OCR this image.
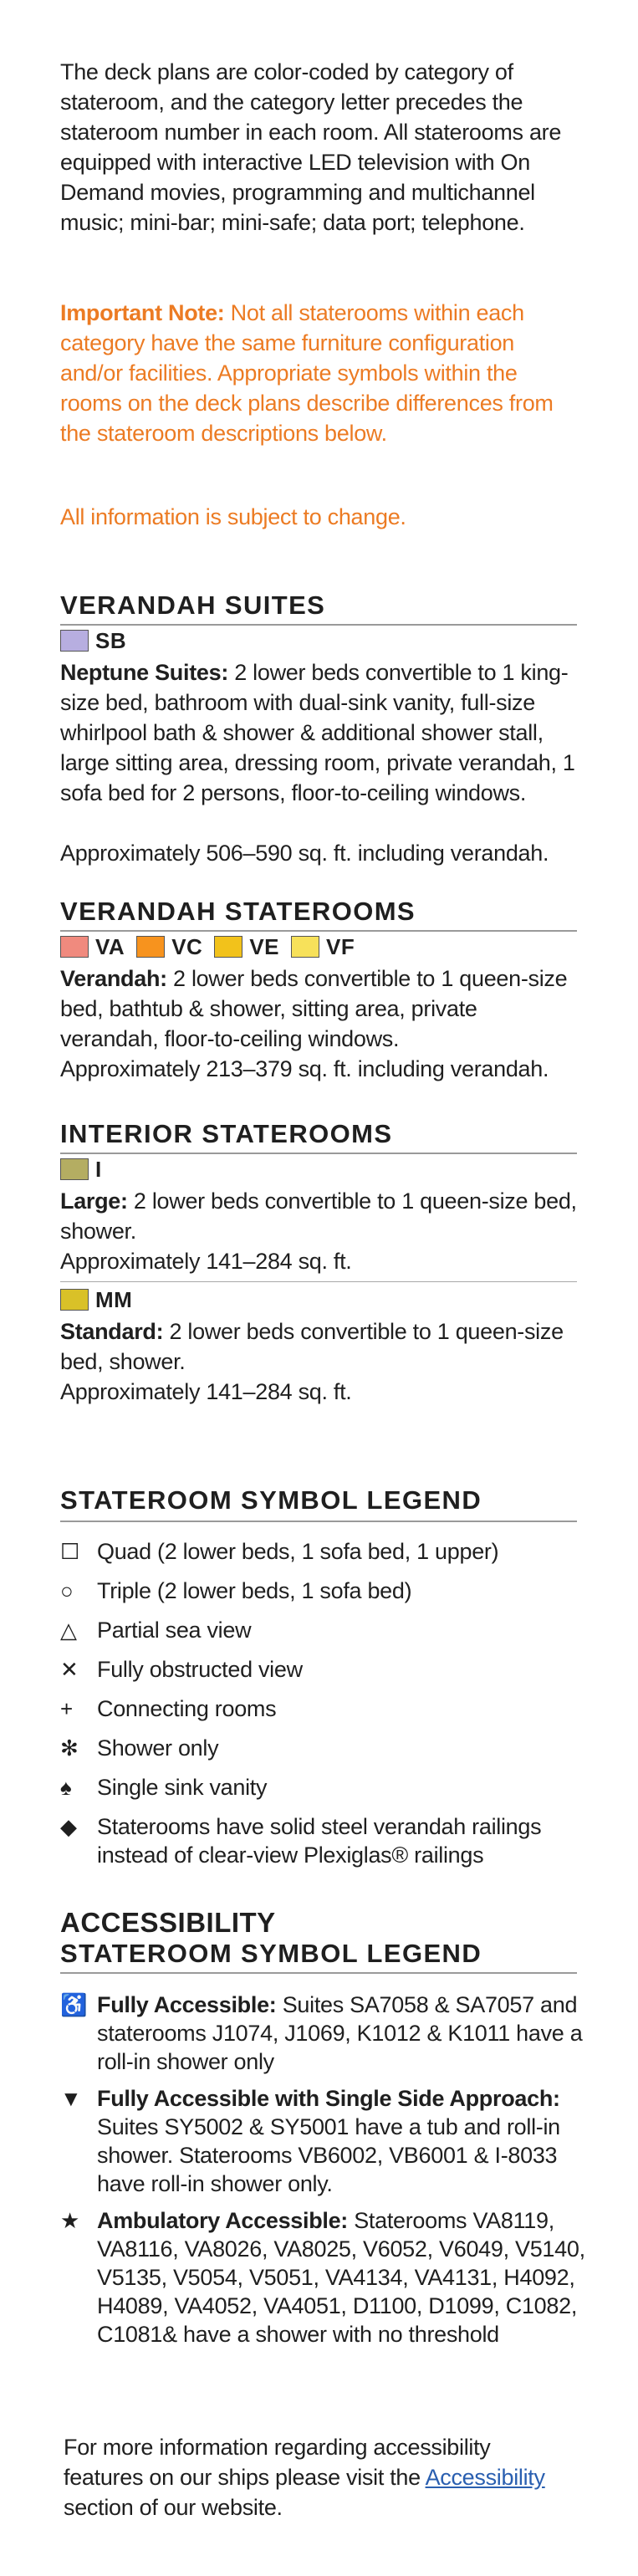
The deck plans are color-coded by category of stateroom, and the category letter precedes the stateroom number in each room. All staterooms are equipped with interactive LED television with On Demand movies, programming and multichannel music; mini-bar; mini-safe; data port; telephone.

Important Note: Not all staterooms within each category have the same furniture configuration and/or facilities. Appropriate symbols within the rooms on the deck plans describe differences from the stateroom descriptions below.

All information is subject to change.

VERANDAH SUITES
SB

Neptune Suites: 2 lower beds convertible to 1 king-size bed, bathroom with dual-sink vanity, full-size whirlpool bath & shower & additional shower stall, large sitting area, dressing room, private verandah, 1 sofa bed for 2 persons, floor-to-ceiling windows.

Approximately 506–590 sq. ft. including verandah.

VERANDAH STATEROOMS
VA VC VE VF

Verandah: 2 lower beds convertible to 1 queen-size bed, bathtub & shower, sitting area, private verandah, floor-to-ceiling windows.

Approximately 213–379 sq. ft. including verandah.

INTERIOR STATEROOMS
I

Large: 2 lower beds convertible to 1 queen-size bed, shower.

Approximately 141–284 sq. ft.

MM

Standard: 2 lower beds convertible to 1 queen-size bed, shower.

Approximately 141–284 sq. ft.

STATEROOM SYMBOL LEGEND
☐ Quad (2 lower beds, 1 sofa bed, 1 upper)
○	Triple (2 lower beds, 1 sofa bed)
△ Partial sea view
✕ Fully obstructed view
+	Connecting rooms
✻ Shower only
♠	Single sink vanity
◆ Staterooms have solid steel verandah railings instead of clear-view Plexiglas® railings
ACCESSIBILITY
STATEROOM SYMBOL LEGEND
♿ Fully Accessible: Suites SA7058 & SA7057 and staterooms J1074, J1069, K1012 & K1011 have a roll-in shower only
▼ Fully Accessible with Single Side Approach: Suites SY5002 & SY5001 have a tub and roll-in shower. Staterooms VB6002, VB6001 & I-8033 have roll-in shower only.
★ Ambulatory Accessible: Staterooms VA8119, VA8116, VA8026, VA8025, V6052, V6049, V5140, V5135, V5054, V5051, VA4134, VA4131, H4092, H4089, VA4052, VA4051, D1100, D1099, C1082, C1081& have a shower with no threshold

For more information regarding accessibility features on our ships please visit the Accessibility section of our website.
